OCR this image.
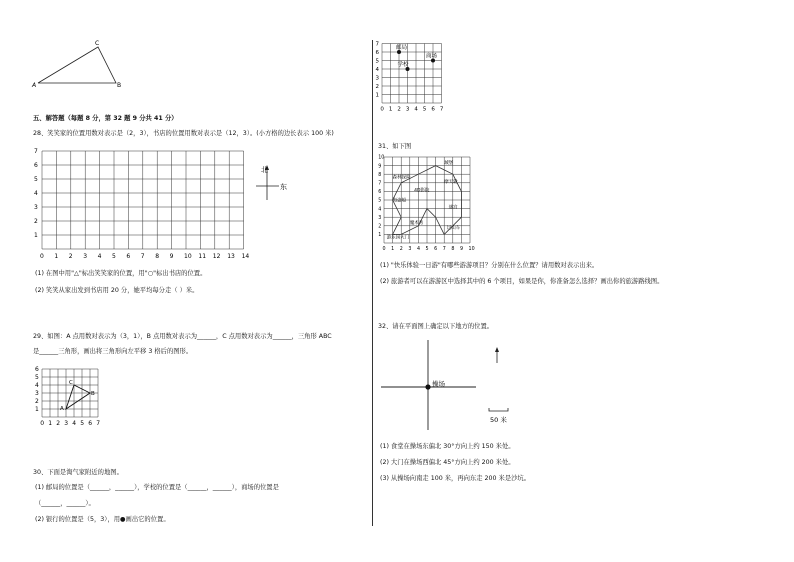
C
A	B
五、解答题（每题 8 分，第 32 题 9 分共 41 分）
28、笑笑家的位置用数对表示是（2，3），书店的位置用数对表示是（12，3）。(小方格的边长表示 100 米)
0 1 2 3 4 5 6 7 8 9 10 11 12 13 14
1
2
3
4
5
6
7
北
东
(1) 在图中用"△"标出笑笑家的位置，用"○"标出书店的位置。
(2) 笑笑从家出发到书店用 20 分，她平均每分走（ ）米。
29、如图：A 点用数对表示为（3，1），B 点用数对表示为______，C 点用数对表示为______，三角形 ABC
是______三角形，画出将三角形向左平移 3 格后的图形。
0 1 2 3 4 5 6 7
1
2
3
4
5
6
A
B
C
30、下面是淘气家附近的地图。
(1) 邮局的位置是（______，______），学校的位置是（______，______），商场的位置是
（______，______）。
(2) 银行的位置是（5，3），用●画出它的位置。
0 1 2 3 4 5 6 7
1
2
3
4
5
6
7
邮局
学校
商场
31、如下图
0 1 2 3 4 5 6 7 8 9 10
1
2
3
4
5
6
7
8
9
10
城堡
森林探险
摩天轮
4D影院
海盗船
迷宫
魔术秀
过山车
游乐园大门
(1) "快乐体验一日游"有哪些游游项目？分别在什么位置？请用数对表示出来。
(2) 旅游者可以在游游区中选择其中的 6 个项目，如果是你，你准备怎么选择？画出你的旅游路线图。
32、请在平面图上确定以下地方的位置。
操场
50 米
(1) 食堂在操场东偏北 30°方向上约 150 米处。
(2) 大门在操场西偏北 45°方向上约 200 米处。
(3) 从操场向南走 100 米，再向东走 200 米是沙坑。
